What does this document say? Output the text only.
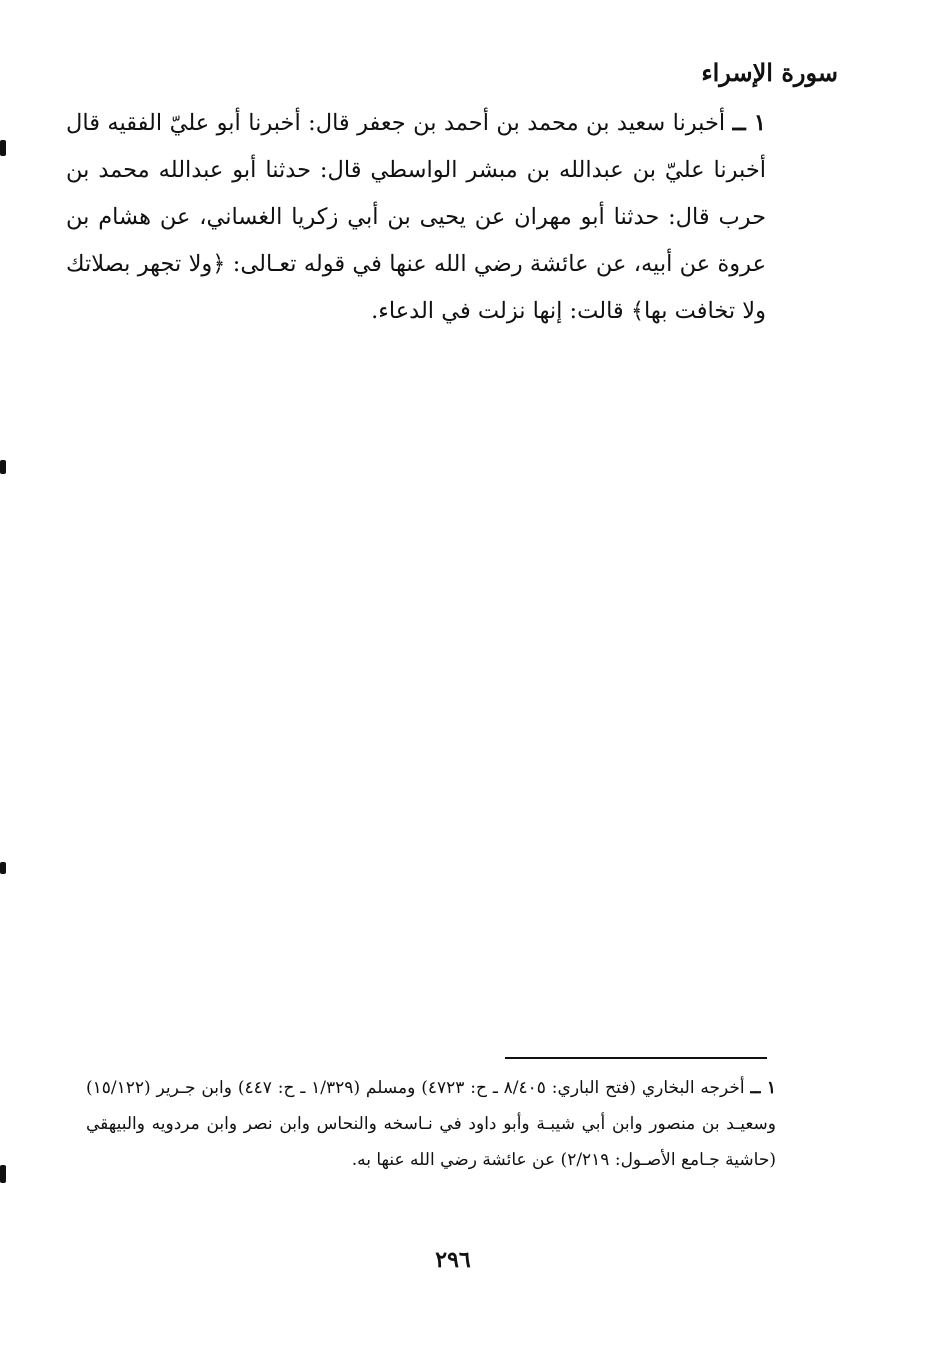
سورة الإسراء

١ ــ أخبرنا سعيد بن محمد بن أحمد بن جعفر قال: أخبرنا أبو عليّ الفقيه قال أخبرنا عليّ بن عبدالله بن مبشر الواسطي قال: حدثنا أبو عبدالله محمد بن حرب قال: حدثنا أبو مهران عن يحيى بن أبي زكريا الغساني، عن هشام بن عروة عن أبيه، عن عائشة رضي الله عنها في قوله تعـالى: ﴿ولا تجهر بصلاتك ولا تخافت بها﴾ قالت: إنها نزلت في الدعاء.

١ ــ أخرجه البخاري (فتح الباري: ٨/٤٠٥ ـ ح: ٤٧٢٣) ومسلم (١/٣٢٩ ـ ح: ٤٤٧) وابن جـرير (١٥/١٢٢) وسعيـد بن منصور وابن أبي شيبـة وأبو داود في نـاسخه والنحاس وابن نصر وابن مردويه والبيهقي (حاشية جـامع الأصـول: ٢/٢١٩) عن عائشة رضي الله عنها به.

٢٩٦
